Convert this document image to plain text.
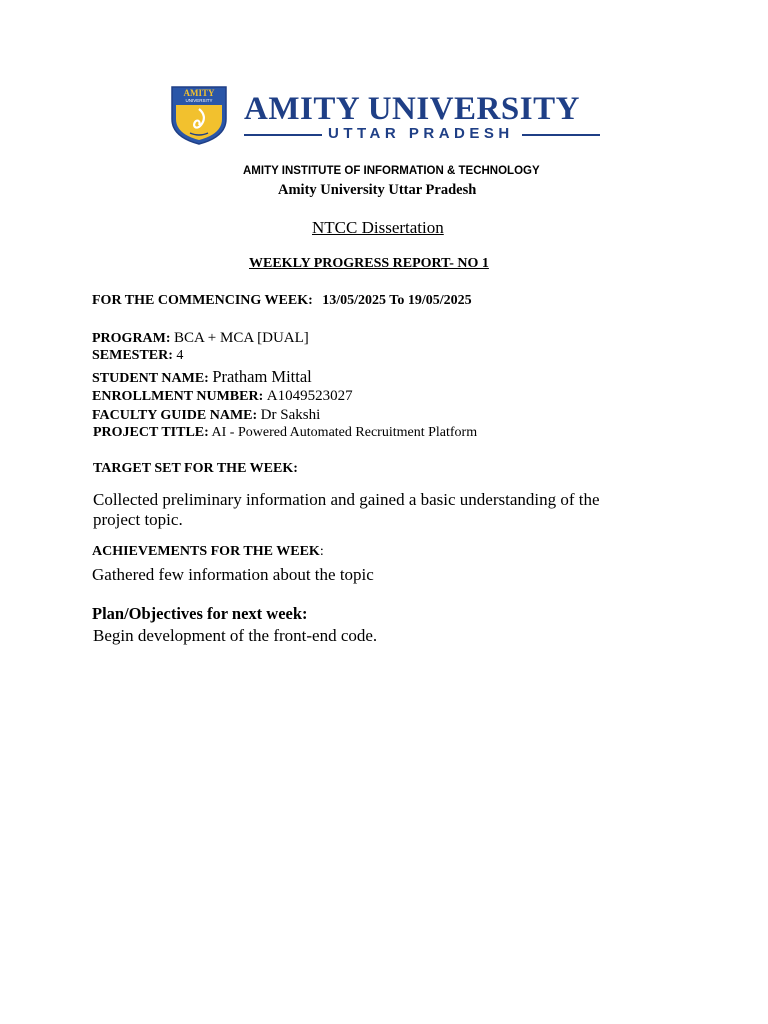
AMITY
UNIVERSITY AMITY UNIVERSITY
UTTAR PRADESH
AMITY INSTITUTE OF INFORMATION & TECHNOLOGY
Amity University Uttar Pradesh
NTCC Dissertation
WEEKLY PROGRESS REPORT- NO 1
FOR THE COMMENCING WEEK: 13/05/2025 To 19/05/2025
PROGRAM: BCA + MCA [DUAL]
SEMESTER: 4
STUDENT NAME: Pratham Mittal
ENROLLMENT NUMBER: A1049523027
FACULTY GUIDE NAME: Dr Sakshi
PROJECT TITLE: AI - Powered Automated Recruitment Platform
TARGET SET FOR THE WEEK:
Collected preliminary information and gained a basic understanding of the
project topic.
ACHIEVEMENTS FOR THE WEEK:
Gathered few information about the topic
Plan/Objectives for next week:
Begin development of the front-end code.
